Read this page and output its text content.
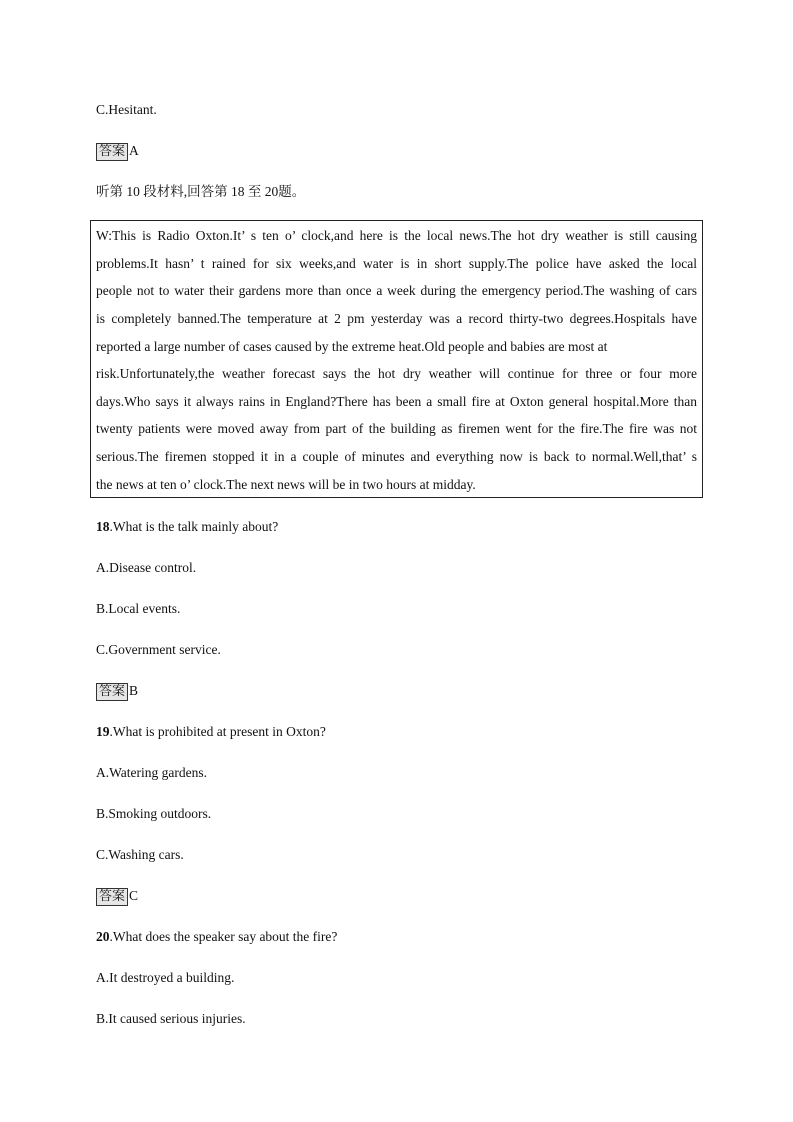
C.Hesitant.
答案 A
听第 10 段材料,回答第 18 至 20题。
W:This is Radio Oxton.It’ s ten o’ clock,and here is the local news.The hot dry weather is still causing
problems.It hasn’ t rained for six weeks,and water is in short supply.The police have asked the local
people not to water their gardens more than once a week during the emergency period.The washing of cars
is completely banned.The temperature at 2 pm yesterday was a record thirty-two degrees.Hospitals have
reported a large number of cases caused by the extreme heat.Old people and babies are most at
risk.Unfortunately,the weather forecast says the hot dry weather will continue for three or four more
days.Who says it always rains in England?There has been a small fire at Oxton general hospital.More than
twenty patients were moved away from part of the building as firemen went for the fire.The fire was not
serious.The firemen stopped it in a couple of minutes and everything now is back to normal.Well,that’ s
the news at ten o’ clock.The next news will be in two hours at midday.
18.What is the talk mainly about?
A.Disease control.
B.Local events.
C.Government service.
答案 B
19.What is prohibited at present in Oxton?
A.Watering gardens.
B.Smoking outdoors.
C.Washing cars.
答案 C
20.What does the speaker say about the fire?
A.It destroyed a building.
B.It caused serious injuries.
